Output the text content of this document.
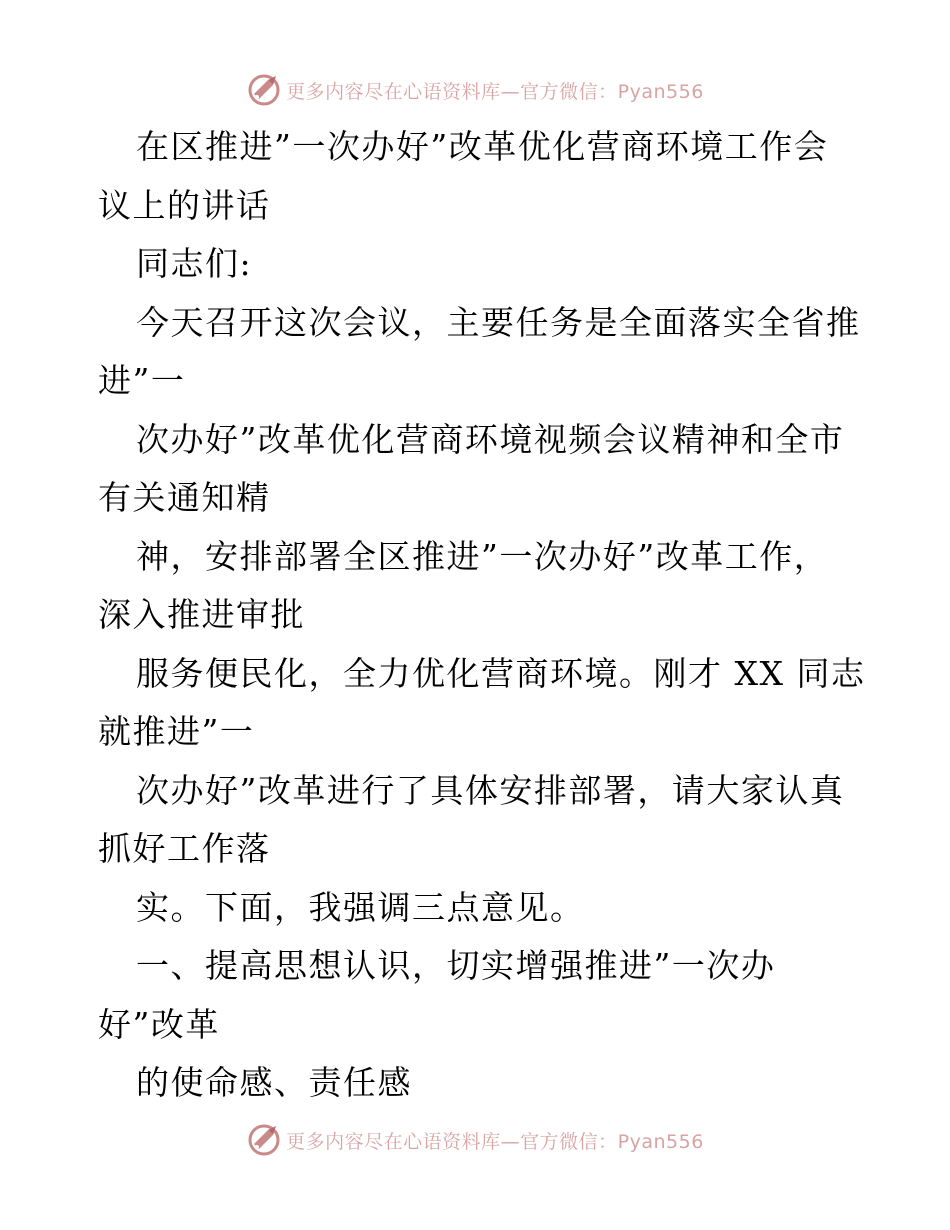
更多内容尽在心语资料库—官方微信：Pyan556
在区推进”一次办好”改革优化营商环境工作会
议上的讲话
同志们:
今天召开这次会议，主要任务是全面落实全省推
进”一
次办好”改革优化营商环境视频会议精神和全市
有关通知精
神，安排部署全区推进”一次办好”改革工作，
深入推进审批
服务便民化，全力优化营商环境。刚才 XX 同志
就推进”一
次办好”改革进行了具体安排部署，请大家认真
抓好工作落
实。下面，我强调三点意见。
一、提高思想认识，切实增强推进”一次办
好”改革
的使命感、责任感
更多内容尽在心语资料库—官方微信：Pyan556
